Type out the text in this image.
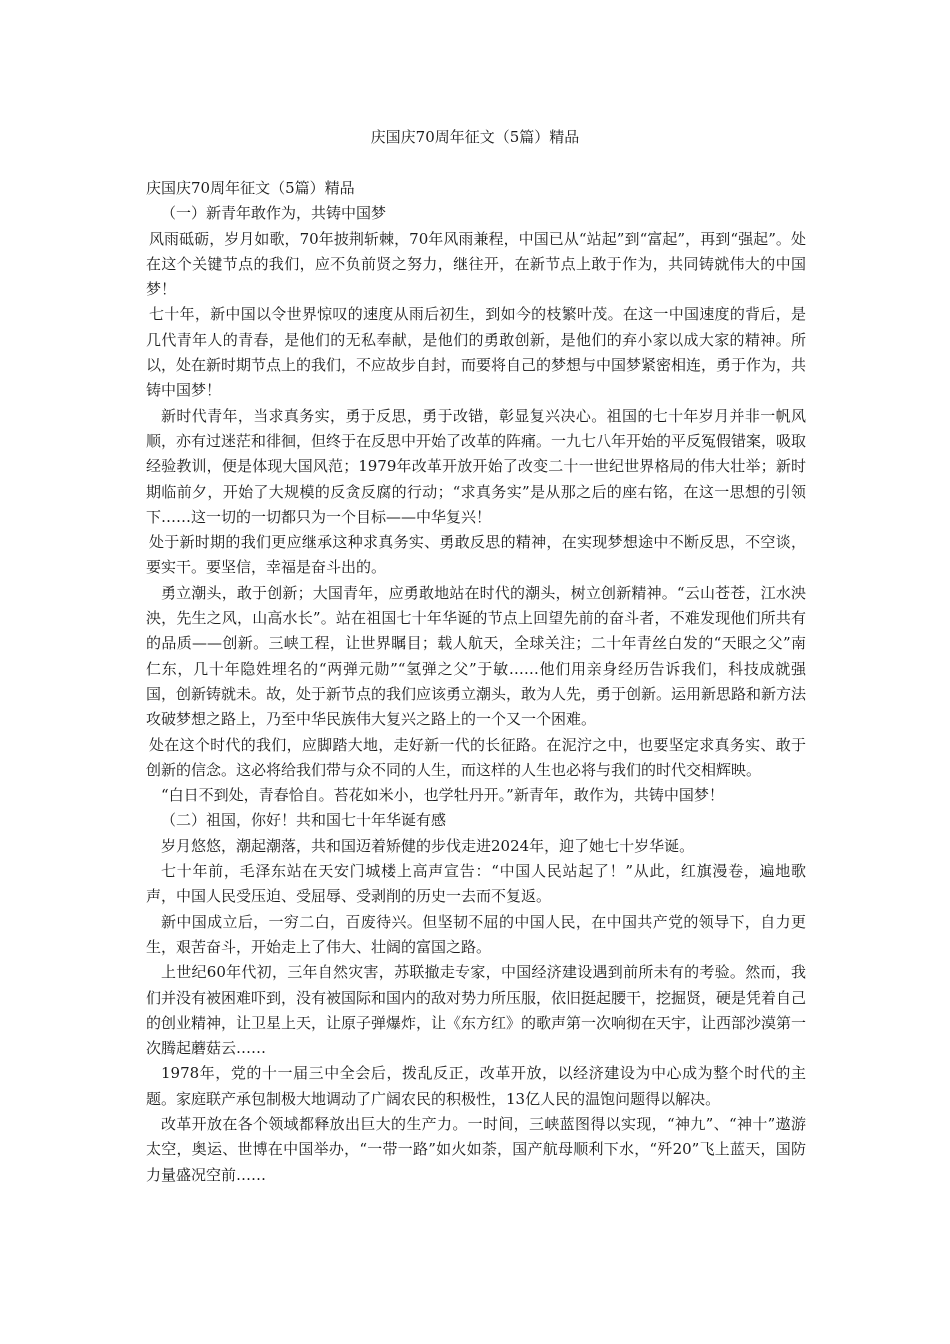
庆国庆70周年征文（5篇）精品

庆国庆70周年征文（5篇）精品

（一）新青年敢作为，共铸中国梦

风雨砥砺，岁月如歌，70年披荆斩棘，70年风雨兼程，中国已从“站起”到“富起”，再到“强起”。处在这个关键节点的我们，应不负前贤之努力，继往开，在新节点上敢于作为，共同铸就伟大的中国梦！

七十年，新中国以令世界惊叹的速度从雨后初生，到如今的枝繁叶茂。在这一中国速度的背后，是几代青年人的青春，是他们的无私奉献，是他们的勇敢创新，是他们的弃小家以成大家的精神。所以，处在新时期节点上的我们，不应故步自封，而要将自己的梦想与中国梦紧密相连，勇于作为，共铸中国梦！

新时代青年，当求真务实，勇于反思，勇于改错，彰显复兴决心。祖国的七十年岁月并非一帆风顺，亦有过迷茫和徘徊，但终于在反思中开始了改革的阵痛。一九七八年开始的平反冤假错案，吸取经验教训，便是体现大国风范；1979年改革开放开始了改变二十一世纪世界格局的伟大壮举；新时期临前夕，开始了大规模的反贪反腐的行动；“求真务实”是从那之后的座右铭，在这一思想的引领下……这一切的一切都只为一个目标——中华复兴！

处于新时期的我们更应继承这种求真务实、勇敢反思的精神，在实现梦想途中不断反思，不空谈，要实干。要坚信，幸福是奋斗出的。

勇立潮头，敢于创新；大国青年，应勇敢地站在时代的潮头，树立创新精神。“云山苍苍，江水泱泱，先生之风，山高水长”。站在祖国七十年华诞的节点上回望先前的奋斗者，不难发现他们所共有的品质——创新。三峡工程，让世界瞩目；载人航天，全球关注；二十年青丝白发的“天眼之父”南仁东，几十年隐姓埋名的“两弹元勋”“氢弹之父”于敏……他们用亲身经历告诉我们，科技成就强国，创新铸就未。故，处于新节点的我们应该勇立潮头，敢为人先，勇于创新。运用新思路和新方法攻破梦想之路上，乃至中华民族伟大复兴之路上的一个又一个困难。

处在这个时代的我们，应脚踏大地，走好新一代的长征路。在泥泞之中，也要坚定求真务实、敢于创新的信念。这必将给我们带与众不同的人生，而这样的人生也必将与我们的时代交相辉映。

“白日不到处，青春恰自。苔花如米小，也学牡丹开。”新青年，敢作为，共铸中国梦！

（二）祖国，你好！共和国七十年华诞有感

岁月悠悠，潮起潮落，共和国迈着矫健的步伐走进2024年，迎了她七十岁华诞。

七十年前，毛泽东站在天安门城楼上高声宣告：“中国人民站起了！”从此，红旗漫卷，遍地歌声，中国人民受压迫、受屈辱、受剥削的历史一去而不复返。

新中国成立后，一穷二白，百废待兴。但坚韧不屈的中国人民，在中国共产党的领导下，自力更生，艰苦奋斗，开始走上了伟大、壮阔的富国之路。

上世纪60年代初，三年自然灾害，苏联撤走专家，中国经济建设遇到前所未有的考验。然而，我们并没有被困难吓到，没有被国际和国内的敌对势力所压服，依旧挺起腰干，挖掘贤，硬是凭着自己的创业精神，让卫星上天，让原子弹爆炸，让《东方红》的歌声第一次响彻在天宇，让西部沙漠第一次腾起蘑菇云……

1978年，党的十一届三中全会后，拨乱反正，改革开放，以经济建设为中心成为整个时代的主题。家庭联产承包制极大地调动了广阔农民的积极性，13亿人民的温饱问题得以解决。

改革开放在各个领域都释放出巨大的生产力。一时间，三峡蓝图得以实现，“神九”、“神十”遨游太空，奥运、世博在中国举办，“一带一路”如火如荼，国产航母顺利下水，“歼20”飞上蓝天，国防力量盛况空前……
